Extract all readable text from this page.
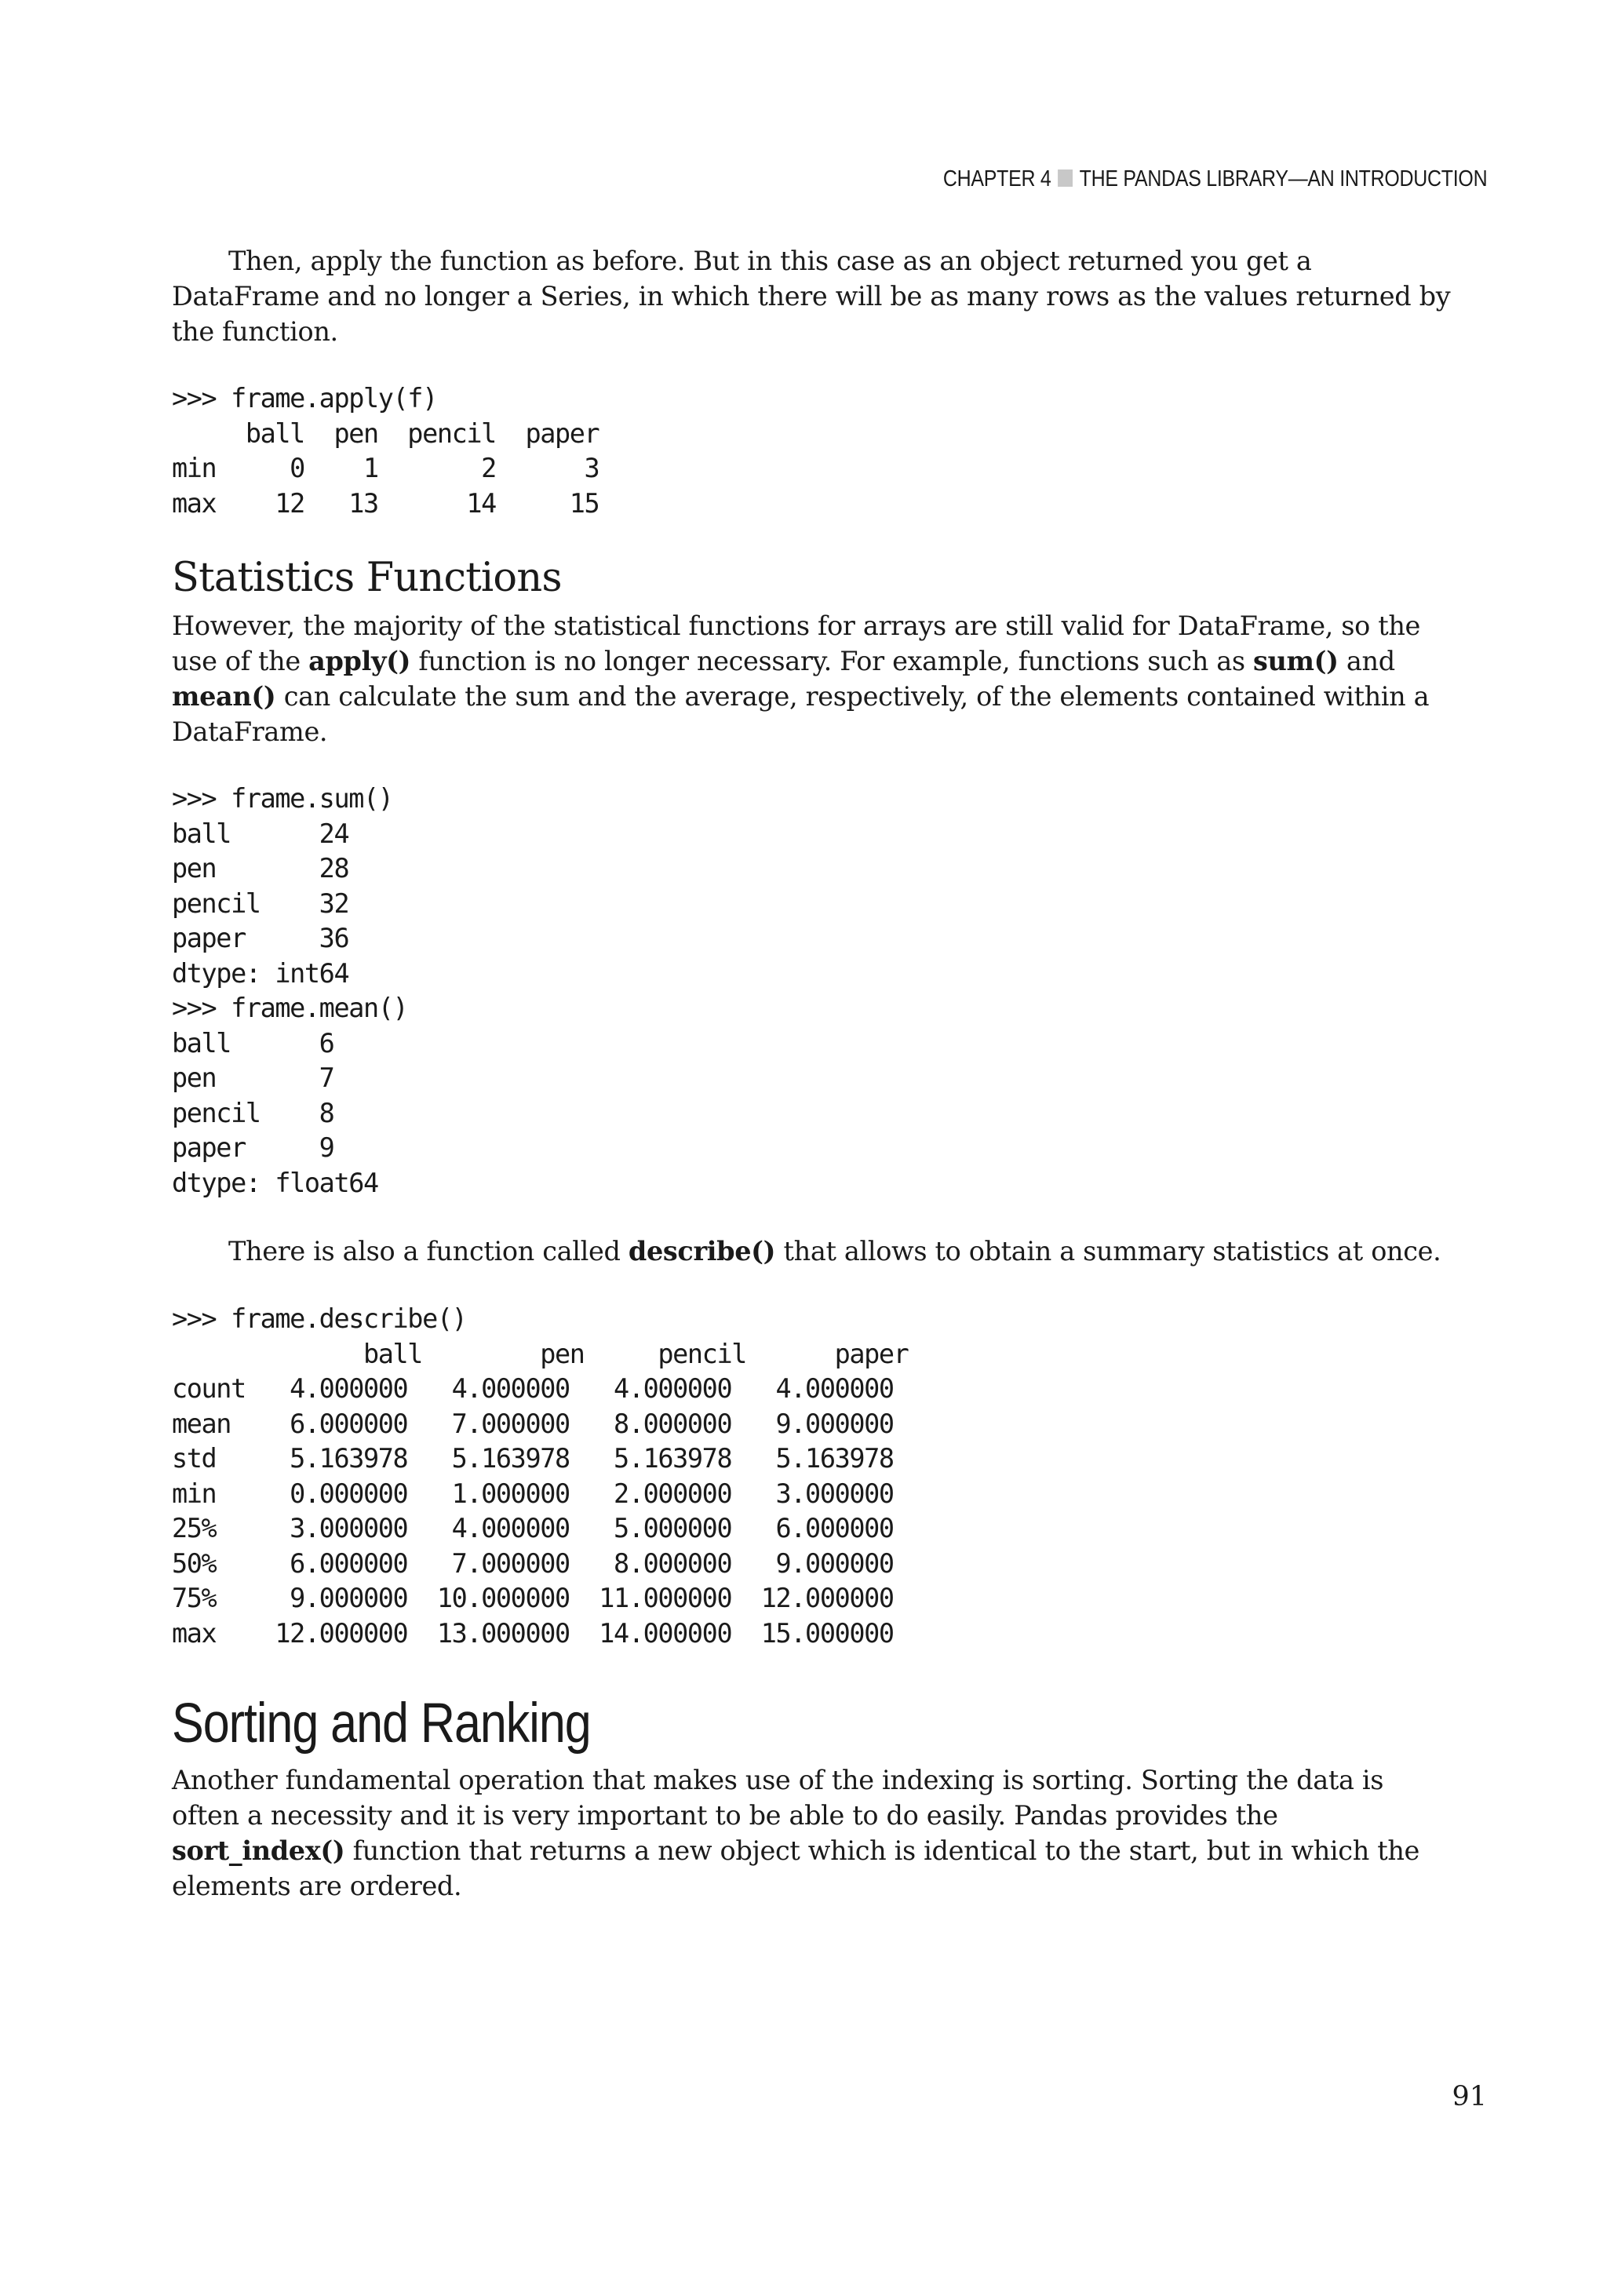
CHAPTER 4 THE PANDAS LIBRARY—AN INTRODUCTION

Then, apply the function as before. But in this case as an object returned you get a DataFrame and no longer a Series, in which there will be as many rows as the values returned by the function.

>>> frame.apply(f)
ball  pen  pencil  paper
min     0    1       2      3
max    12   13      14     15
Statistics Functions

However, the majority of the statistical functions for arrays are still valid for DataFrame, so the use of the apply() function is no longer necessary. For example, functions such as sum() and mean() can calculate the sum and the average, respectively, of the elements contained within a DataFrame.

>>> frame.sum()
ball      24
pen       28
pencil    32
paper     36
dtype: int64
>>> frame.mean()
ball      6
pen       7
pencil    8
paper     9
dtype: float64

There is also a function called describe() that allows to obtain a summary statistics at once.

>>> frame.describe()
ball        pen     pencil      paper
count   4.000000   4.000000   4.000000   4.000000
mean    6.000000   7.000000   8.000000   9.000000
std     5.163978   5.163978   5.163978   5.163978
min     0.000000   1.000000   2.000000   3.000000
25%     3.000000   4.000000   5.000000   6.000000
50%     6.000000   7.000000   8.000000   9.000000
75%     9.000000  10.000000  11.000000  12.000000
max    12.000000  13.000000  14.000000  15.000000
Sorting and Ranking

Another fundamental operation that makes use of the indexing is sorting. Sorting the data is often a necessity and it is very important to be able to do easily. Pandas provides the sort_index() function that returns a new object which is identical to the start, but in which the elements are ordered.

91
